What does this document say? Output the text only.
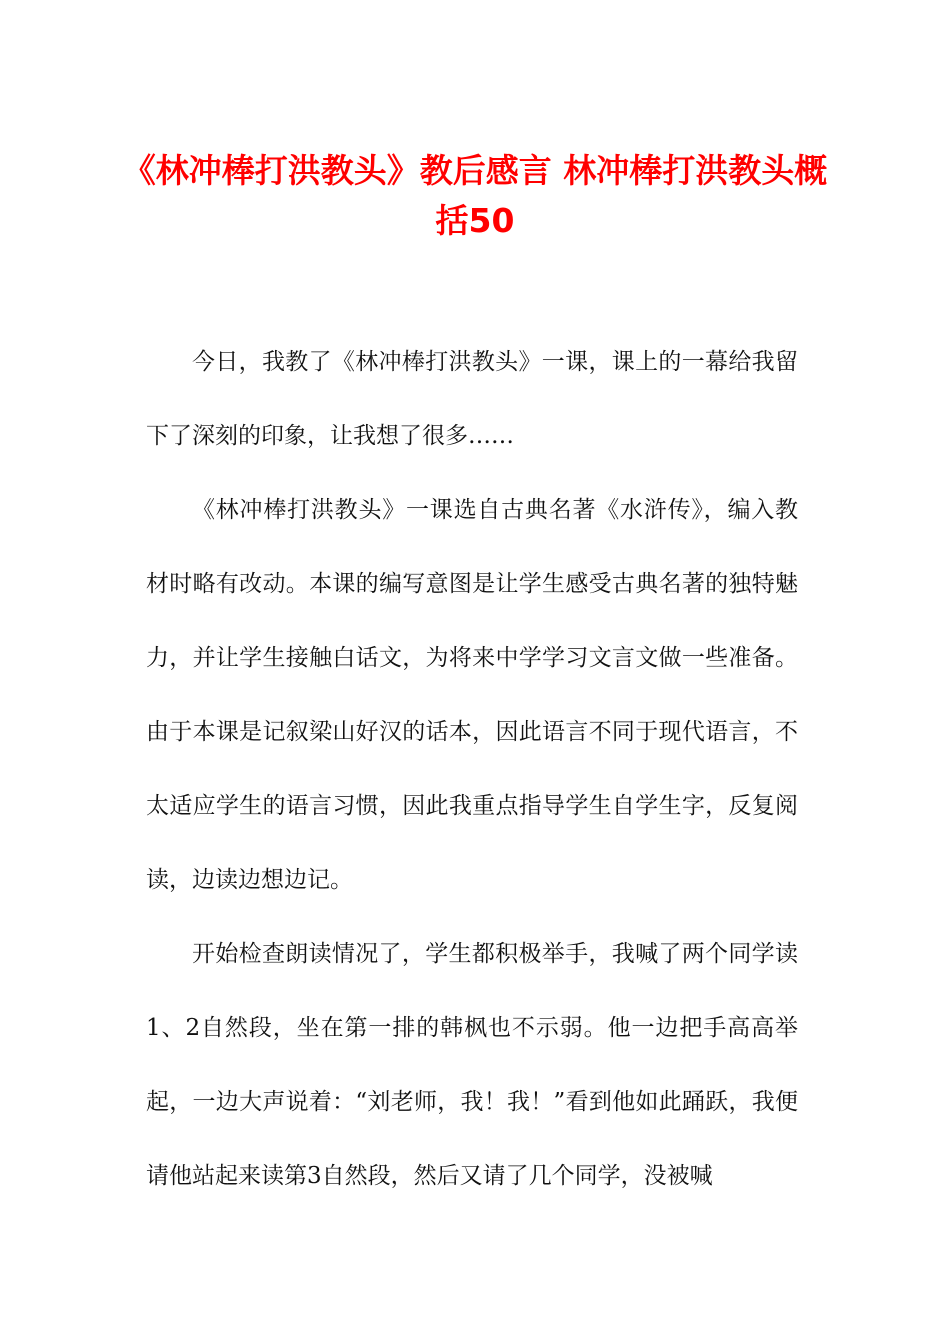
《林冲棒打洪教头》教后感言 林冲棒打洪教头概括50

今日，我教了《林冲棒打洪教头》一课，课上的一幕给我留下了深刻的印象，让我想了很多……

《林冲棒打洪教头》一课选自古典名著《水浒传》，编入教材时略有改动。本课的编写意图是让学生感受古典名著的独特魅力，并让学生接触白话文，为将来中学学习文言文做一些准备。由于本课是记叙梁山好汉的话本，因此语言不同于现代语言，不太适应学生的语言习惯，因此我重点指导学生自学生字，反复阅读，边读边想边记。

开始检查朗读情况了，学生都积极举手，我喊了两个同学读1、2自然段，坐在第一排的韩枫也不示弱。他一边把手高高举起，一边大声说着：“刘老师，我！我！”看到他如此踊跃，我便请他站起来读第3自然段，然后又请了几个同学，没被喊
